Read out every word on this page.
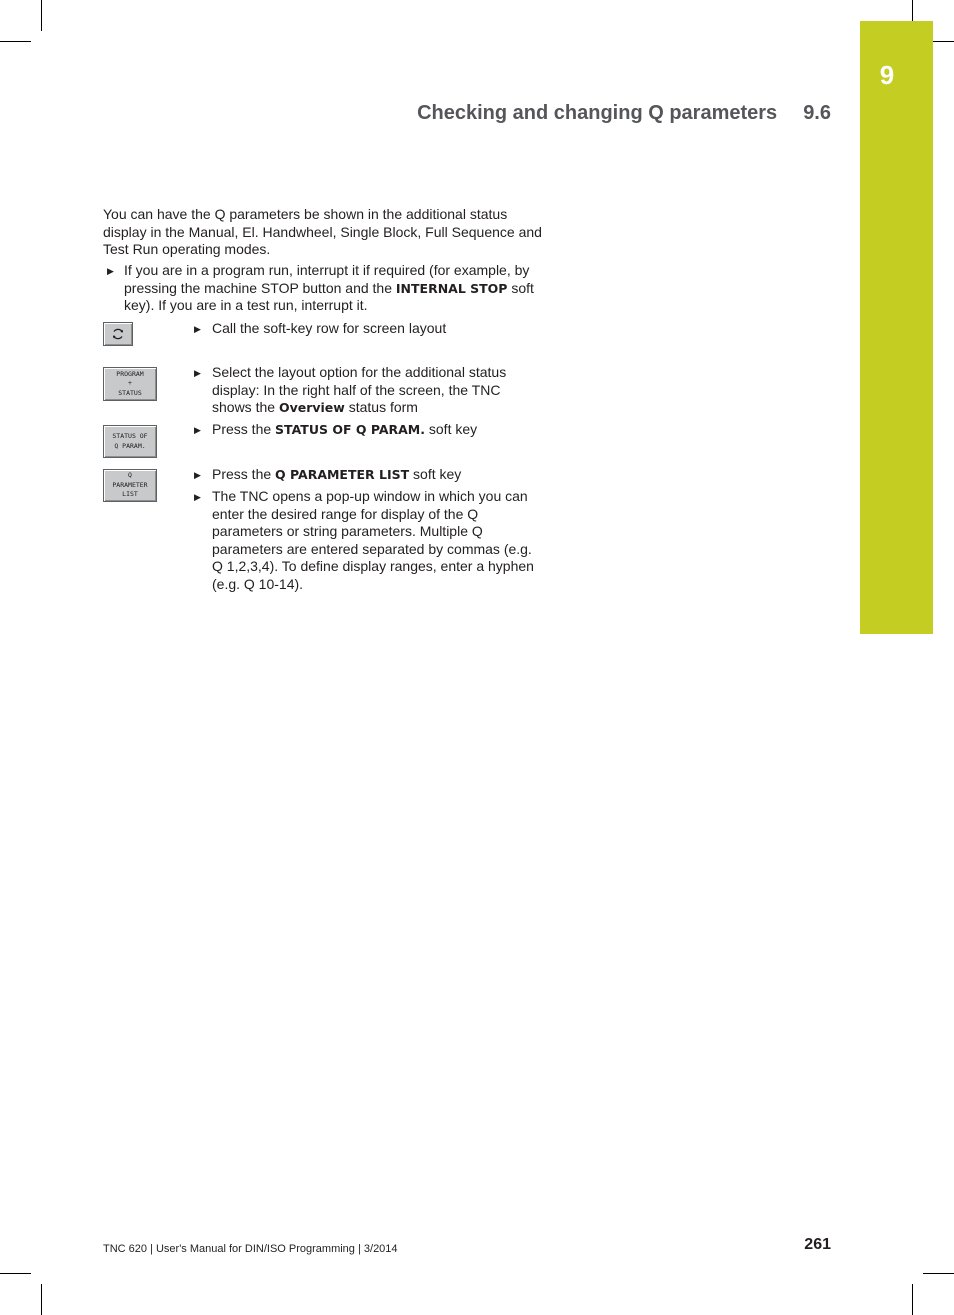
9
Checking and changing Q parameters 9.6
You can have the Q parameters be shown in the additional status display in the Manual, El. Handwheel, Single Block, Full Sequence and Test Run operating modes.
▶ If you are in a program run, interrupt it if required (for example, by pressing the machine STOP button and the INTERNAL STOP soft key). If you are in a test run, interrupt it.
▶ Call the soft-key row for screen layout
PROGRAM
+
STATUS
▶ Select the layout option for the additional status display: In the right half of the screen, the TNC shows the Overview status form
STATUS OF
Q PARAM.
▶ Press the STATUS OF Q PARAM. soft key
Q
PARAMETER
LIST
▶ Press the Q PARAMETER LIST soft key
▶ The TNC opens a pop-up window in which you can enter the desired range for display of the Q parameters or string parameters. Multiple Q parameters are entered separated by commas (e.g. Q 1,2,3,4). To define display ranges, enter a hyphen (e.g. Q 10-14).
TNC 620 | User's Manual for DIN/ISO Programming | 3/2014	261
